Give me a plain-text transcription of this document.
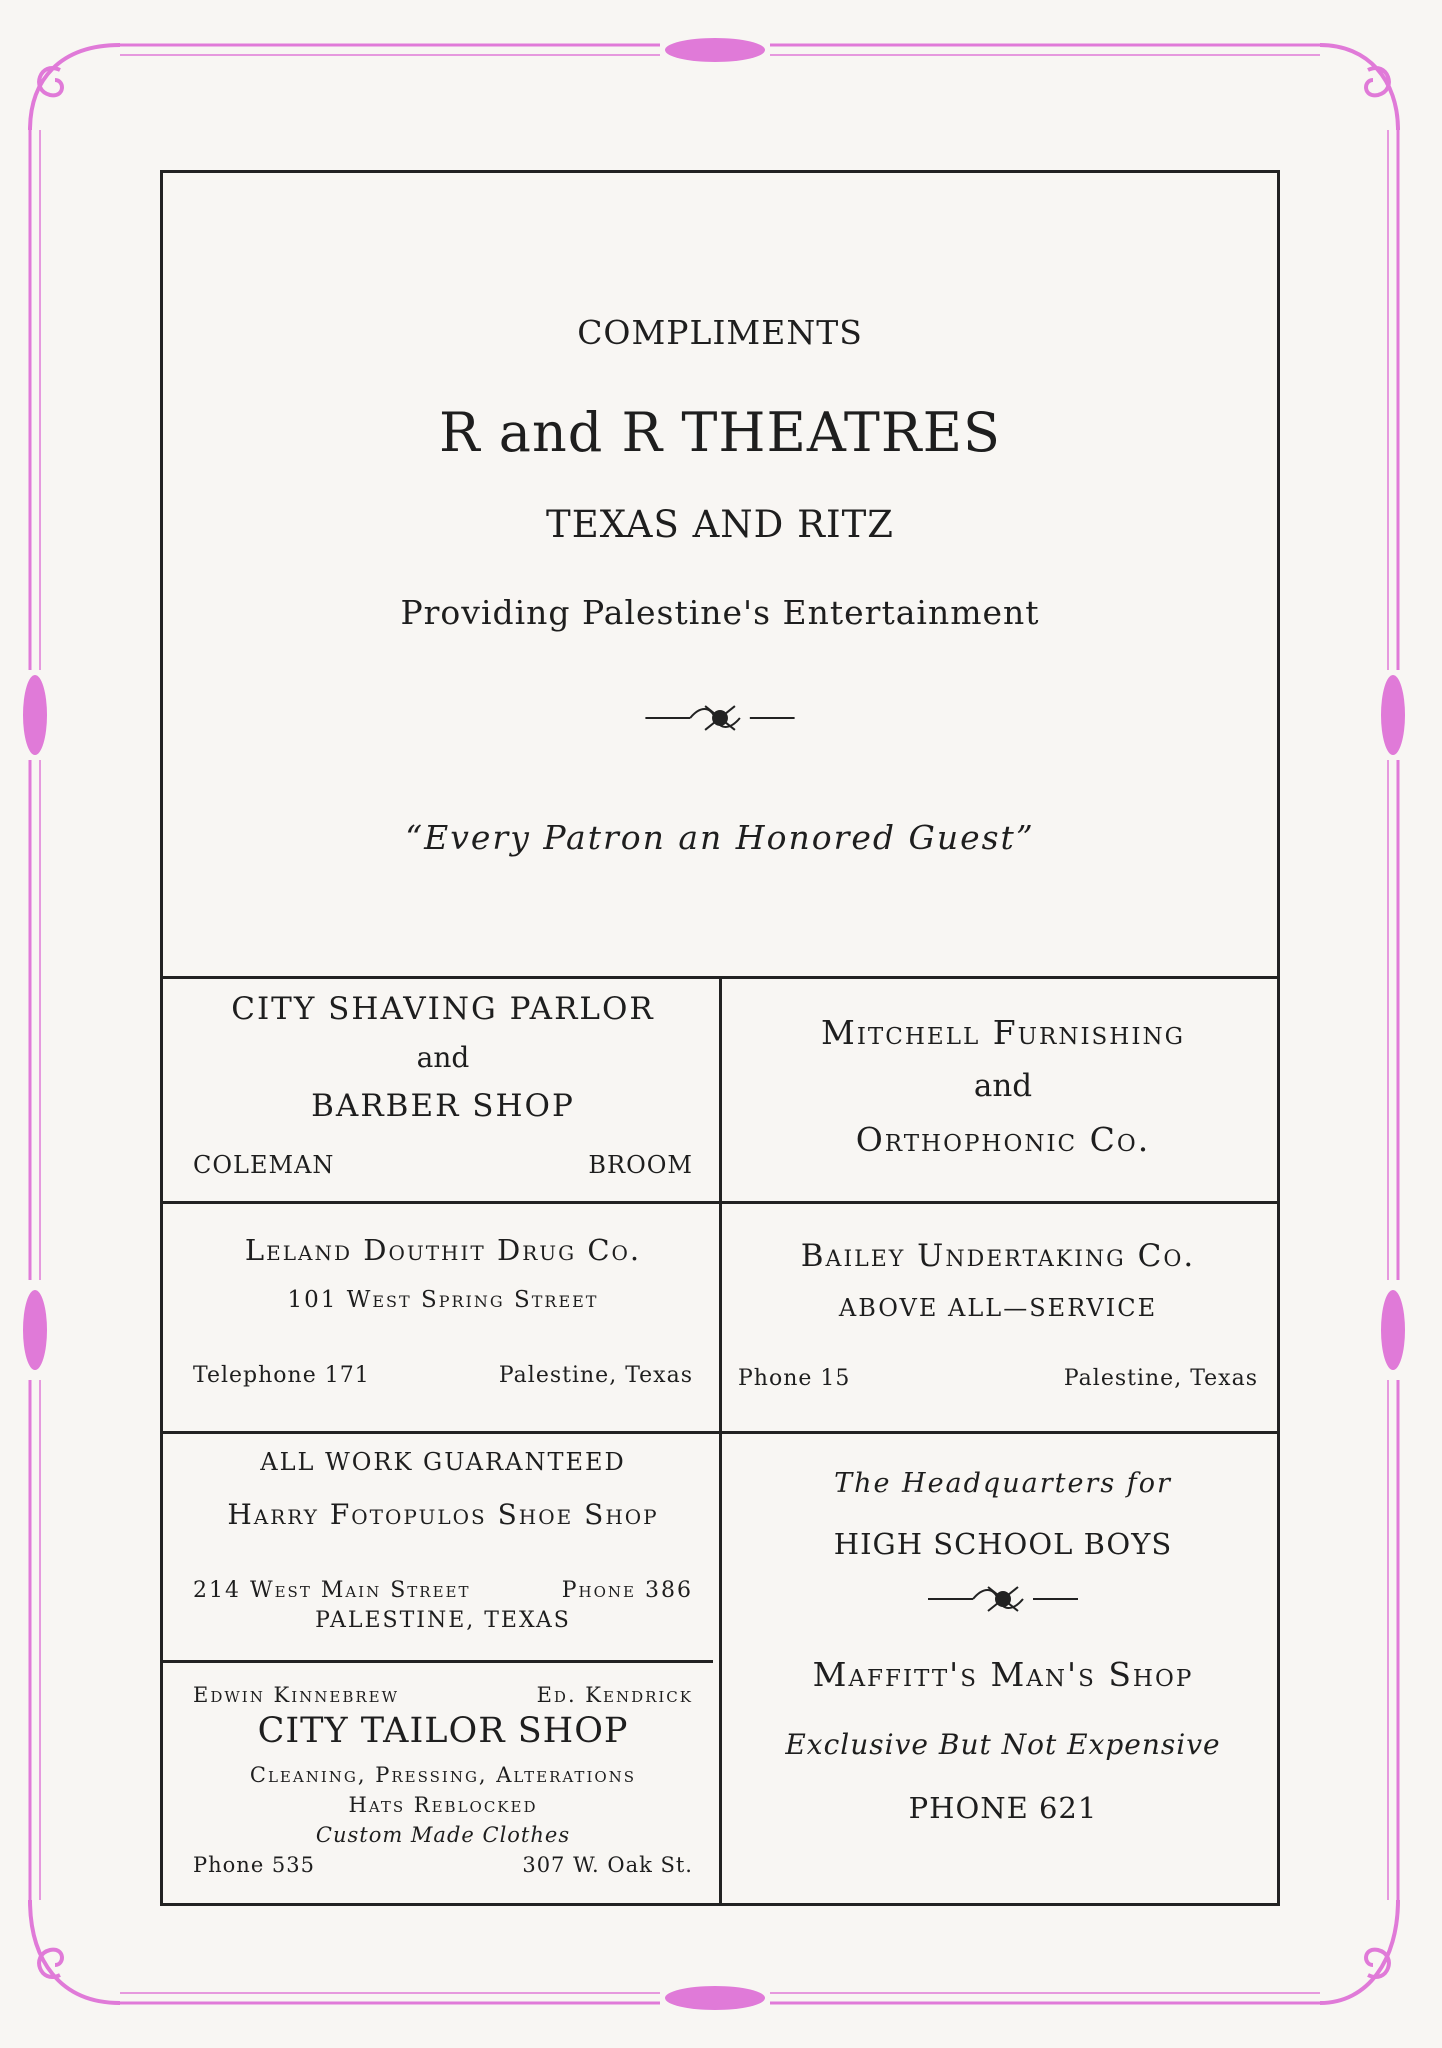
COMPLIMENTS
R and R THEATRES
TEXAS AND RITZ
Providing Palestine's Entertainment
“Every Patron an Honored Guest”
CITY SHAVING PARLOR
and
BARBER SHOP
COLEMAN	BROOM
Mitchell Furnishing
and
Orthophonic Co.
Leland Douthit Drug Co.
101 West Spring Street
Telephone 171	Palestine, Texas
Bailey Undertaking Co.
ABOVE ALL—SERVICE
Phone 15	Palestine, Texas
ALL WORK GUARANTEED
Harry Fotopulos Shoe Shop
214 West Main Street	Phone 386
PALESTINE, TEXAS
Edwin Kinnebrew	Ed. Kendrick
CITY TAILOR SHOP
Cleaning, Pressing, Alterations
Hats Reblocked
Custom Made Clothes
Phone 535	307 W. Oak St.
The Headquarters for
HIGH SCHOOL BOYS
Maffitt's Man's Shop
Exclusive But Not Expensive
PHONE 621
